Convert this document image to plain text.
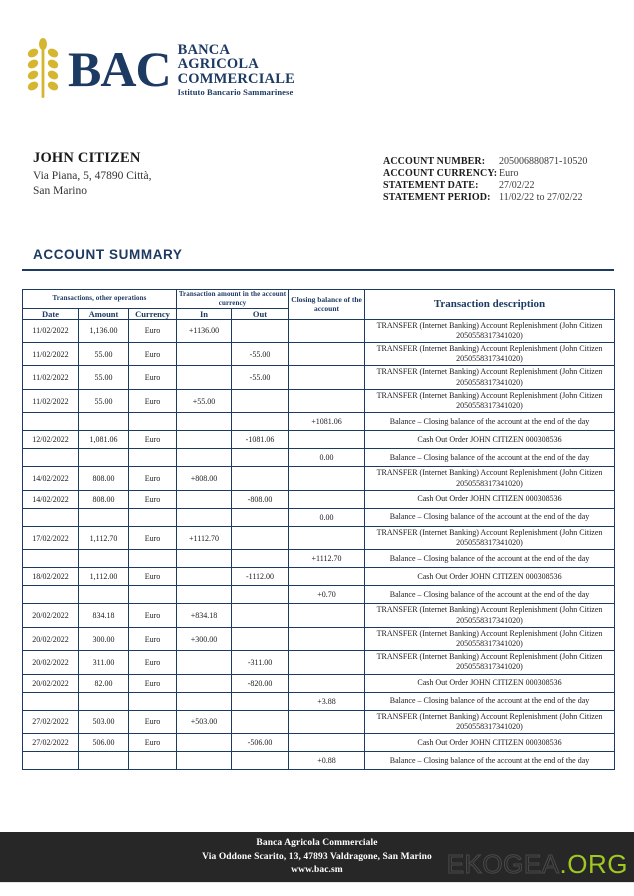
BAC BANCA
AGRICOLA
COMMERCIALE
Istituto Bancario Sammarinese
JOHN CITIZEN
Via Piana, 5, 47890 Città,
San Marino
ACCOUNT NUMBER:	205006880871-10520
ACCOUNT CURRENCY: Euro
STATEMENT DATE:	27/02/22
STATEMENT PERIOD: 11/02/22 to 27/02/22
ACCOUNT SUMMARY
Transactions, other operations			Transaction amount in the account currency		Closing balance of the account	Transaction description
Date	Amount	Currency	In	Out		
11/02/2022	1,136.00	Euro	+1136.00			TRANSFER (Internet Banking) Account Replenishment (John Citizen 2050558317341020)
11/02/2022	55.00	Euro		-55.00		TRANSFER (Internet Banking) Account Replenishment (John Citizen 2050558317341020)
11/02/2022	55.00	Euro		-55.00		TRANSFER (Internet Banking) Account Replenishment (John Citizen 2050558317341020)
11/02/2022	55.00	Euro	+55.00			TRANSFER (Internet Banking) Account Replenishment (John Citizen 2050558317341020)
					+1081.06	Balance – Closing balance of the account at the end of the day
12/02/2022	1,081.06	Euro		-1081.06		Cash Out Order JOHN CITIZEN 000308536
					0.00	Balance – Closing balance of the account at the end of the day
14/02/2022	808.00	Euro	+808.00			TRANSFER (Internet Banking) Account Replenishment (John Citizen 2050558317341020)
14/02/2022	808.00	Euro		-808.00		Cash Out Order JOHN CITIZEN 000308536
					0.00	Balance – Closing balance of the account at the end of the day
17/02/2022	1,112.70	Euro	+1112.70			TRANSFER (Internet Banking) Account Replenishment (John Citizen 2050558317341020)
					+1112.70	Balance – Closing balance of the account at the end of the day
18/02/2022	1,112.00	Euro		-1112.00		Cash Out Order JOHN CITIZEN 000308536
					+0.70	Balance – Closing balance of the account at the end of the day
20/02/2022	834.18	Euro	+834.18			TRANSFER (Internet Banking) Account Replenishment (John Citizen 2050558317341020)
20/02/2022	300.00	Euro	+300.00			TRANSFER (Internet Banking) Account Replenishment (John Citizen 2050558317341020)
20/02/2022	311.00	Euro		-311.00		TRANSFER (Internet Banking) Account Replenishment (John Citizen 2050558317341020)
20/02/2022	82.00	Euro		-820.00		Cash Out Order JOHN CITIZEN 000308536
					+3.88	Balance – Closing balance of the account at the end of the day
27/02/2022	503.00	Euro	+503.00			TRANSFER (Internet Banking) Account Replenishment (John Citizen 2050558317341020)
27/02/2022	506.00	Euro		-506.00		Cash Out Order JOHN CITIZEN 000308536
					+0.88	Balance – Closing balance of the account at the end of the day
Banca Agricola Commerciale
Via Oddone Scarito, 13, 47893 Valdragone, San Marino
www.bac.sm	EKOGEA.ORG
